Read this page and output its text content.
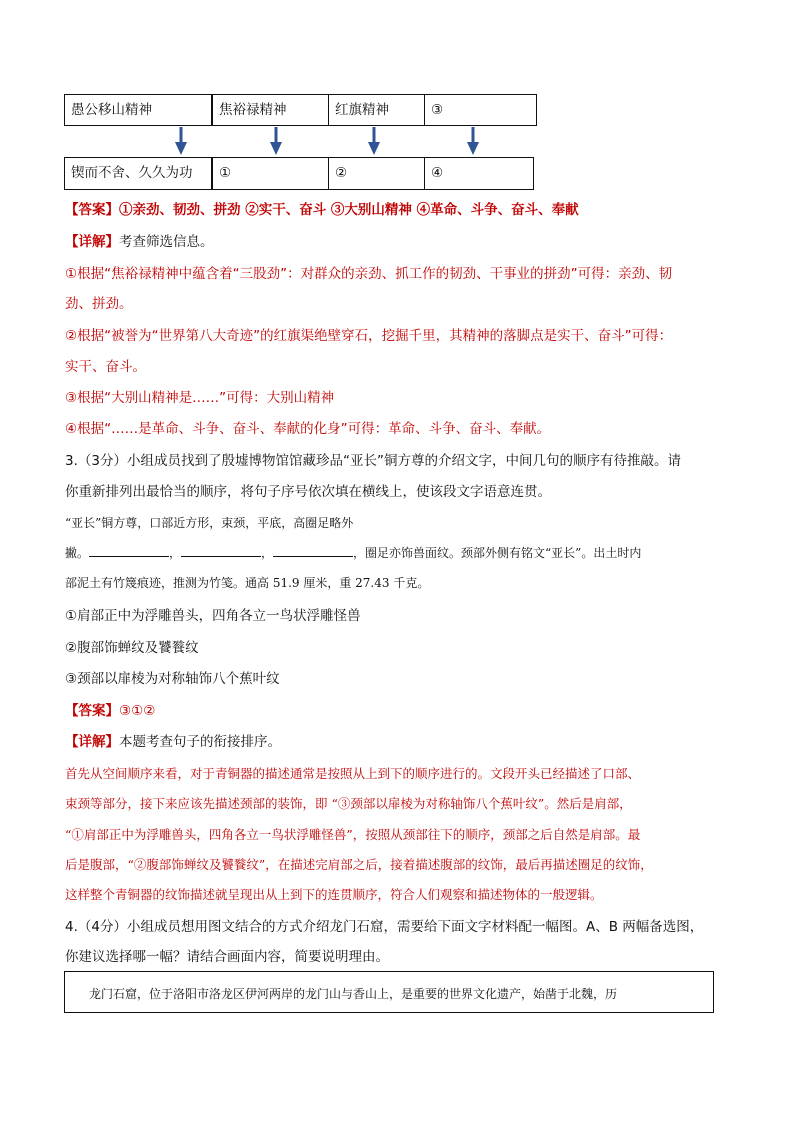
愚公移山精神	焦裕禄精神	红旗精神	③
锲而不舍、久久为功	①	②	④
【答案】①亲劲、韧劲、拼劲 ②实干、奋斗 ③大别山精神 ④革命、斗争、奋斗、奉献
【详解】考查筛选信息。
①根据“焦裕禄精神中蕴含着“三股劲”：对群众的亲劲、抓工作的韧劲、干事业的拼劲”可得：亲劲、韧
劲、拼劲。
②根据“被誉为“世界第八大奇迹”的红旗渠绝壁穿石，挖掘千里，其精神的落脚点是实干、奋斗”可得：
实干、奋斗。
③根据“大别山精神是……”可得：大别山精神
④根据“……是革命、斗争、奋斗、奉献的化身”可得：革命、斗争、奋斗、奉献。
3.（3分）小组成员找到了殷墟博物馆馆藏珍品“亚长”铜方尊的介绍文字，中间几句的顺序有待推敲。请
你重新排列出最恰当的顺序，将句子序号依次填在横线上，使该段文字语意连贯。
“亚长”铜方尊，口部近方形，束颈，平底，高圈足略外
撇。	，	，	，圈足亦饰兽面纹。颈部外侧有铭文“亚长”。出土时内
部泥土有竹篾痕迹，推测为竹笺。通高 51.9 厘米，重 27.43 千克。
①肩部正中为浮雕兽头，四角各立一鸟状浮雕怪兽
②腹部饰蝉纹及饕餮纹
③颈部以扉棱为对称轴饰八个蕉叶纹
【答案】③①②
【详解】本题考查句子的衔接排序。
首先从空间顺序来看，对于青铜器的描述通常是按照从上到下的顺序进行的。文段开头已经描述了口部、
束颈等部分，接下来应该先描述颈部的装饰，即 “③颈部以扉棱为对称轴饰八个蕉叶纹”。然后是肩部，
“①肩部正中为浮雕兽头，四角各立一鸟状浮雕怪兽”，按照从颈部往下的顺序，颈部之后自然是肩部。最
后是腹部，“②腹部饰蝉纹及饕餮纹”，在描述完肩部之后，接着描述腹部的纹饰，最后再描述圈足的纹饰，
这样整个青铜器的纹饰描述就呈现出从上到下的连贯顺序，符合人们观察和描述物体的一般逻辑。
4.（4分）小组成员想用图文结合的方式介绍龙门石窟，需要给下面文字材料配一幅图。A、B 两幅备选图，
你建议选择哪一幅？请结合画面内容，简要说明理由。
龙门石窟，位于洛阳市洛龙区伊河两岸的龙门山与香山上，是重要的世界文化遗产，始凿于北魏，历
